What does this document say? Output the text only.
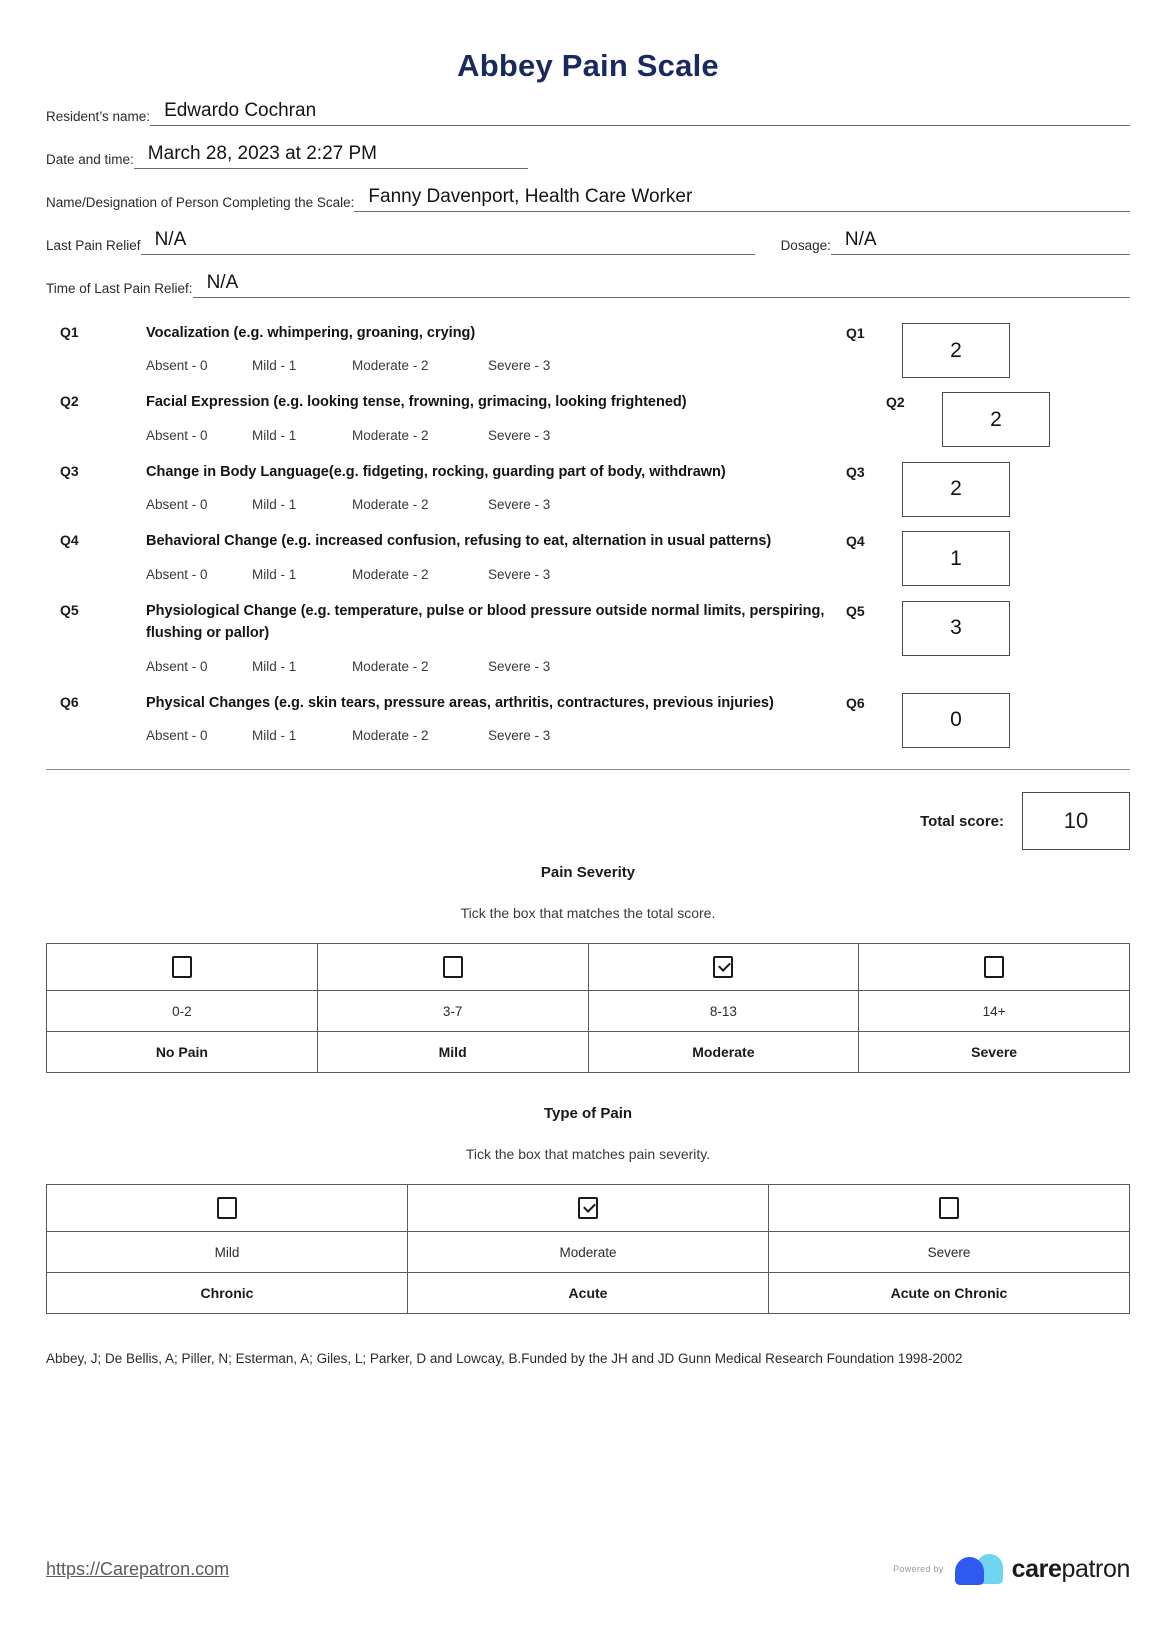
Abbey Pain Scale
Resident’s name: Edwardo Cochran
Date and time: March 28, 2023 at 2:27 PM
Name/Designation of Person Completing the Scale: Fanny Davenport, Health Care Worker
Last Pain Relief N/A	Dosage: N/A
Time of Last Pain Relief: N/A
Q1	Vocalization (e.g. whimpering, groaning, crying)
Absent - 0	Mild - 1	Moderate - 2	Severe - 3
Q1
2
Q2	Facial Expression (e.g. looking tense, frowning, grimacing, looking frightened)
Absent - 0	Mild - 1	Moderate - 2	Severe - 3
Q2
2
Q3	Change in Body Language(e.g. fidgeting, rocking, guarding part of body, withdrawn)
Absent - 0	Mild - 1	Moderate - 2	Severe - 3
Q3
2
Q4	Behavioral Change (e.g. increased confusion, refusing to eat, alternation in usual patterns)
Absent - 0	Mild - 1	Moderate - 2	Severe - 3
Q4
1
Q5	Physiological Change (e.g. temperature, pulse or blood pressure outside normal limits, perspiring, flushing or pallor)
Absent - 0	Mild - 1	Moderate - 2	Severe - 3
Q5
3
Q6	Physical Changes (e.g. skin tears, pressure areas, arthritis, contractures, previous injuries)
Absent - 0	Mild - 1	Moderate - 2	Severe - 3
Q6
0
Total score:	10
Pain Severity
Tick the box that matches the total score.

0-2	3-7	8-13	14+
No Pain	Mild	Moderate	Severe
Type of Pain
Tick the box that matches pain severity.

Mild	Moderate	Severe
Chronic	Acute	Acute on Chronic
Abbey, J; De Bellis, A; Piller, N; Esterman, A; Giles, L; Parker, D and Lowcay, B.Funded by the JH and JD Gunn Medical Research Foundation 1998-2002
https://Carepatron.com	Powered by	carepatron
